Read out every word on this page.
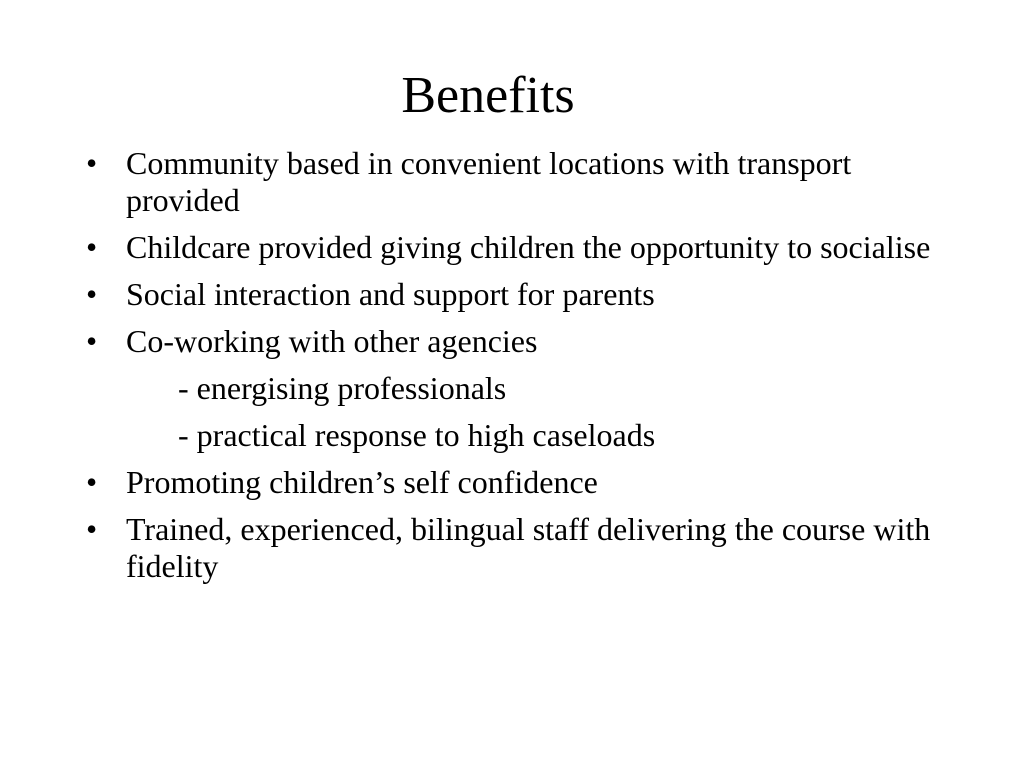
Benefits
• Community based in convenient locations with transport provided
• Childcare provided giving children the opportunity to socialise
• Social interaction and support for parents
• Co-working with other agencies
- energising professionals
- practical response to high caseloads
• Promoting children’s self confidence
• Trained, experienced, bilingual staff delivering the course with fidelity
